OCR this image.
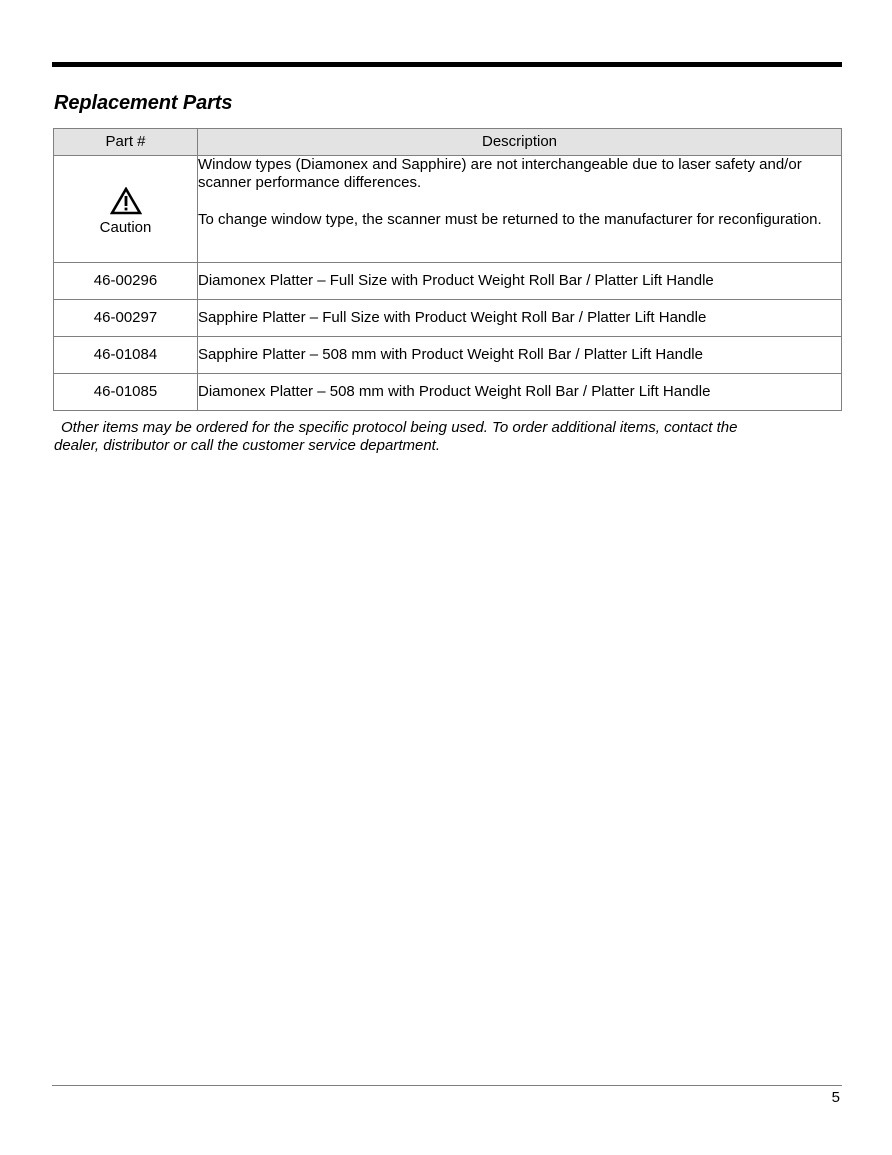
Replacement Parts
Part #	Description

Caution	Window types (Diamonex and Sapphire) are not interchangeable due to laser safety and/or scanner performance differences.

To change window type, the scanner must be returned to the manufacturer for reconfiguration.

46-00296	Diamonex Platter – Full Size with Product Weight Roll Bar / Platter Lift Handle
46-00297	Sapphire Platter – Full Size with Product Weight Roll Bar / Platter Lift Handle
46-01084	Sapphire Platter – 508 mm with Product Weight Roll Bar / Platter Lift Handle
46-01085	Diamonex Platter – 508 mm with Product Weight Roll Bar / Platter Lift Handle
Other items may be ordered for the specific protocol being used. To order additional items, contact the
dealer, distributor or call the customer service department.
5
